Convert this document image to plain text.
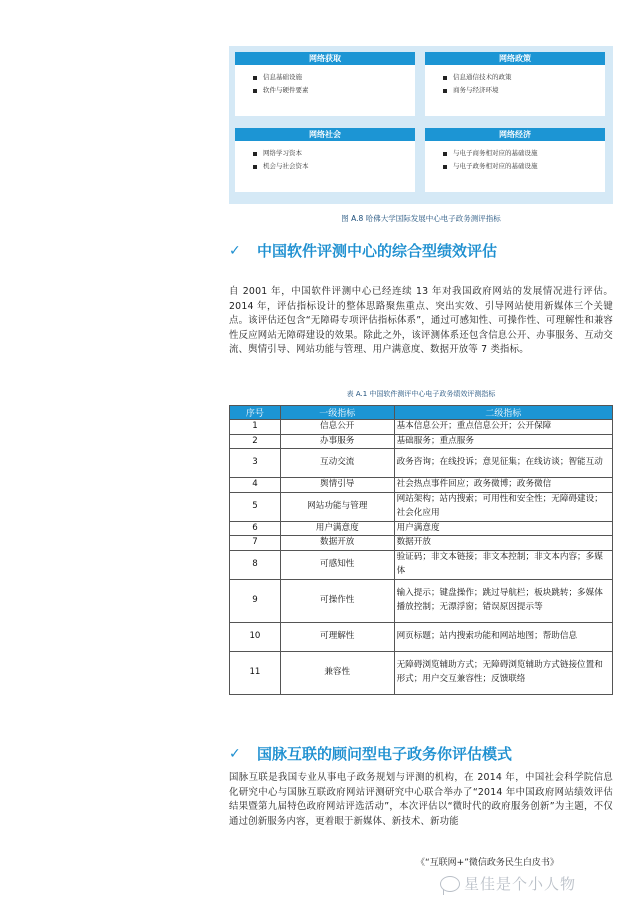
网络获取
信息基础设施
软件与硬件要素
网络政策
信息通信技术的政策
商务与经济环境
网络社会
网络学习资本
机会与社会资本
网络经济
与电子商务相对应的基础设施
与电子政务相对应的基础设施
图 A.8 哈佛大学国际发展中心电子政务测评指标
✓ 中国软件评测中心的综合型绩效评估
自 2001 年，中国软件评测中心已经连续 13 年对我国政府网站的发展情况进行评估。2014 年，评估指标设计的整体思路聚焦重点、突出实效、引导网站使用新媒体三个关键点。该评估还包含“无障碍专项评估指标体系”，通过可感知性、可操作性、可理解性和兼容性反应网站无障碍建设的效果。除此之外，该评测体系还包含信息公开、办事服务、互动交流、舆情引导、网站功能与管理、用户满意度、数据开放等 7 类指标。
表 A.1 中国软件测评中心电子政务绩效评测指标
序号	一级指标	二级指标
1	信息公开	基本信息公开；重点信息公开；公开保障
2	办事服务	基础服务；重点服务
3	互动交流	政务咨询；在线投诉；意见征集；在线访谈；智能互动
4	舆情引导	社会热点事件回应；政务微博；政务微信
5	网站功能与管理	网站架构；站内搜索；可用性和安全性；无障碍建设；社会化应用
6	用户满意度	用户满意度
7	数据开放	数据开放
8	可感知性	验证码；非文本链接；非文本控制；非文本内容；多媒体
9	可操作性	输入提示；键盘操作；跳过导航栏；板块跳转；多媒体播放控制；无漂浮窗；错误原因提示等
10	可理解性	网页标题；站内搜索功能和网站地图；帮助信息
11	兼容性	无障碍浏览辅助方式；无障碍浏览辅助方式链接位置和形式；用户交互兼容性；反馈联络
✓ 国脉互联的顾问型电子政务你评估模式
国脉互联是我国专业从事电子政务规划与评测的机构，在 2014 年，中国社会科学院信息化研究中心与国脉互联政府网站评测研究中心联合举办了“2014 年中国政府网站绩效评估结果暨第九届特色政府网站评选活动”，本次评估以“微时代的政府服务创新”为主题，不仅通过创新服务内容，更着眼于新媒体、新技术、新功能
《“互联网+”微信政务民生白皮书》
星佳是个小人物
